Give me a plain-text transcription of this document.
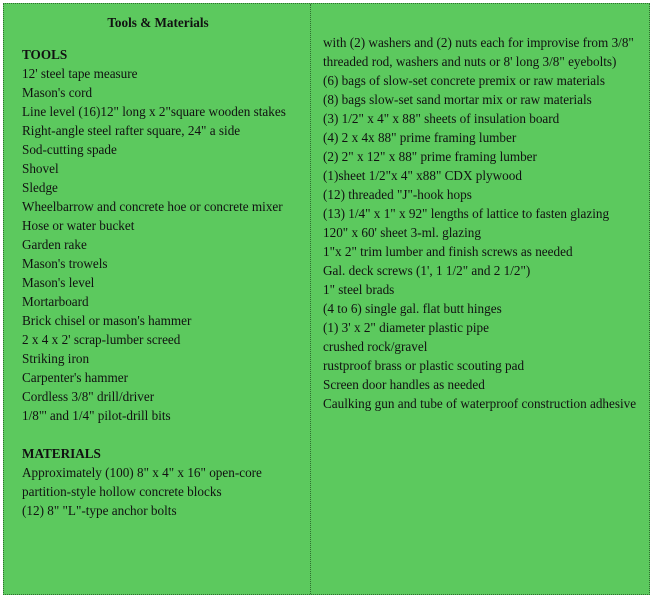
Tools & Materials
TOOLS
12' steel tape measure
Mason's cord
Line level (16)12" long x 2"square wooden stakes
Right-angle steel rafter square, 24" a side
Sod-cutting spade
Shovel
Sledge
Wheelbarrow and concrete hoe or concrete mixer
Hose or water bucket
Garden rake
Mason's trowels
Mason's level
Mortarboard
Brick chisel or mason's hammer
2 x 4 x 2' scrap-lumber screed
Striking iron
Carpenter's hammer
Cordless 3/8" drill/driver
1/8"' and 1/4" pilot-drill bits
MATERIALS
Approximately (100) 8" x 4" x 16" open-core partition-style hollow concrete blocks
(12) 8" "L"-type anchor bolts
with (2) washers and (2) nuts each for improvise from 3/8" threaded rod, washers and nuts or 8' long 3/8" eyebolts)
(6) bags of slow-set concrete premix or raw materials
(8) bags slow-set sand mortar mix or raw materials
(3) 1/2" x 4" x 88" sheets of insulation board
(4) 2 x 4x 88" prime framing lumber
(2) 2" x 12" x 88" prime framing lumber
(1)sheet 1/2"x 4" x88" CDX plywood
(12) threaded "J"-hook hops
(13) 1/4" x 1" x 92" lengths of lattice to fasten glazing
120" x 60' sheet 3-ml. glazing
1"x 2" trim lumber and finish screws as needed
Gal. deck screws (1', 1 1/2" and 2 1/2")
1" steel brads
(4 to 6) single gal. flat butt hinges
(1) 3' x 2" diameter plastic pipe
crushed rock/gravel
rustproof brass or plastic scouting pad
Screen door handles as needed
Caulking gun and tube of waterproof construction adhesive
